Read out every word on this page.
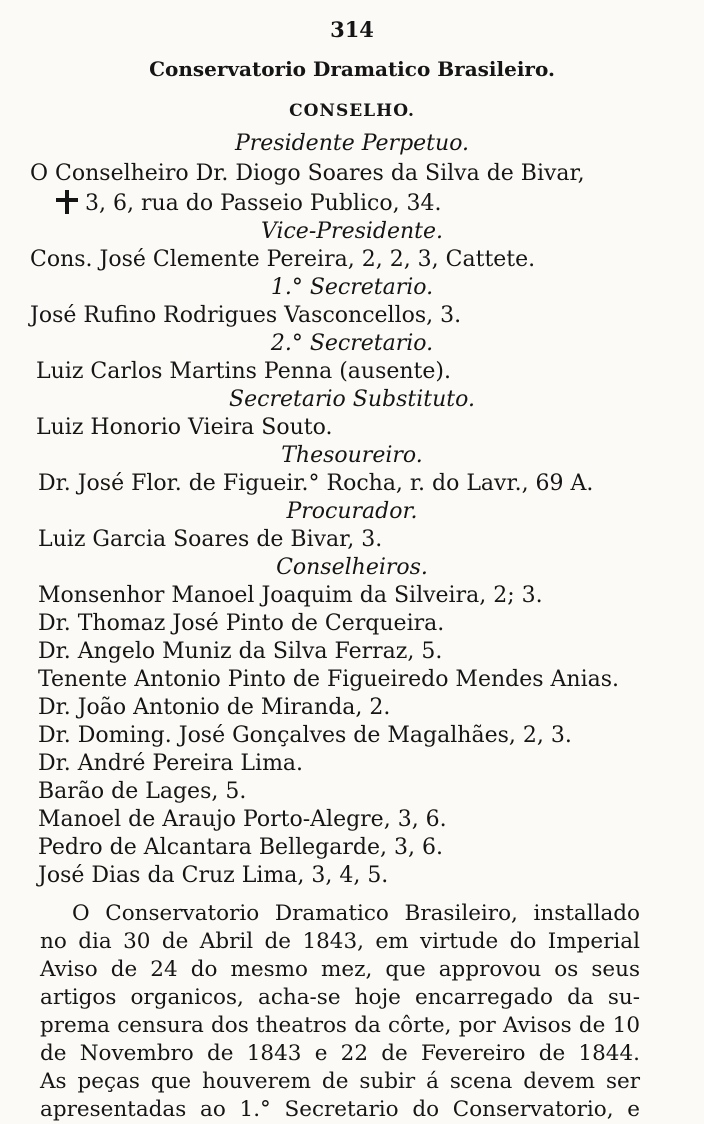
314
Conservatorio Dramatico Brasileiro.
CONSELHO.
Presidente Perpetuo.
O Conselheiro Dr. Diogo Soares da Silva de Bivar,
3, 6, rua do Passeio Publico, 34.
Vice-Presidente.
Cons. José Clemente Pereira, 2, 2, 3, Cattete.
1.° Secretario.
José Rufino Rodrigues Vasconcellos, 3.
2.° Secretario.
Luiz Carlos Martins Penna (ausente).
Secretario Substituto.
Luiz Honorio Vieira Souto.
Thesoureiro.
Dr. José Flor. de Figueir.° Rocha, r. do Lavr., 69 A.
Procurador.
Luiz Garcia Soares de Bivar, 3.
Conselheiros.
Monsenhor Manoel Joaquim da Silveira, 2; 3.
Dr. Thomaz José Pinto de Cerqueira.
Dr. Angelo Muniz da Silva Ferraz, 5.
Tenente Antonio Pinto de Figueiredo Mendes Anias.
Dr. João Antonio de Miranda, 2.
Dr. Doming. José Gonçalves de Magalhães, 2, 3.
Dr. André Pereira Lima.
Barão de Lages, 5.
Manoel de Araujo Porto-Alegre, 3, 6.
Pedro de Alcantara Bellegarde, 3, 6.
José Dias da Cruz Lima, 3, 4, 5.
O Conservatorio Dramatico Brasileiro, installado
no dia 30 de Abril de 1843, em virtude do Imperial
Aviso de 24 do mesmo mez, que approvou os seus
artigos organicos, acha-se hoje encarregado da su-
prema censura dos theatros da côrte, por Avisos de 10
de Novembro de 1843 e 22 de Fevereiro de 1844.
As peças que houverem de subir á scena devem ser
apresentadas ao 1.° Secretario do Conservatorio, e
